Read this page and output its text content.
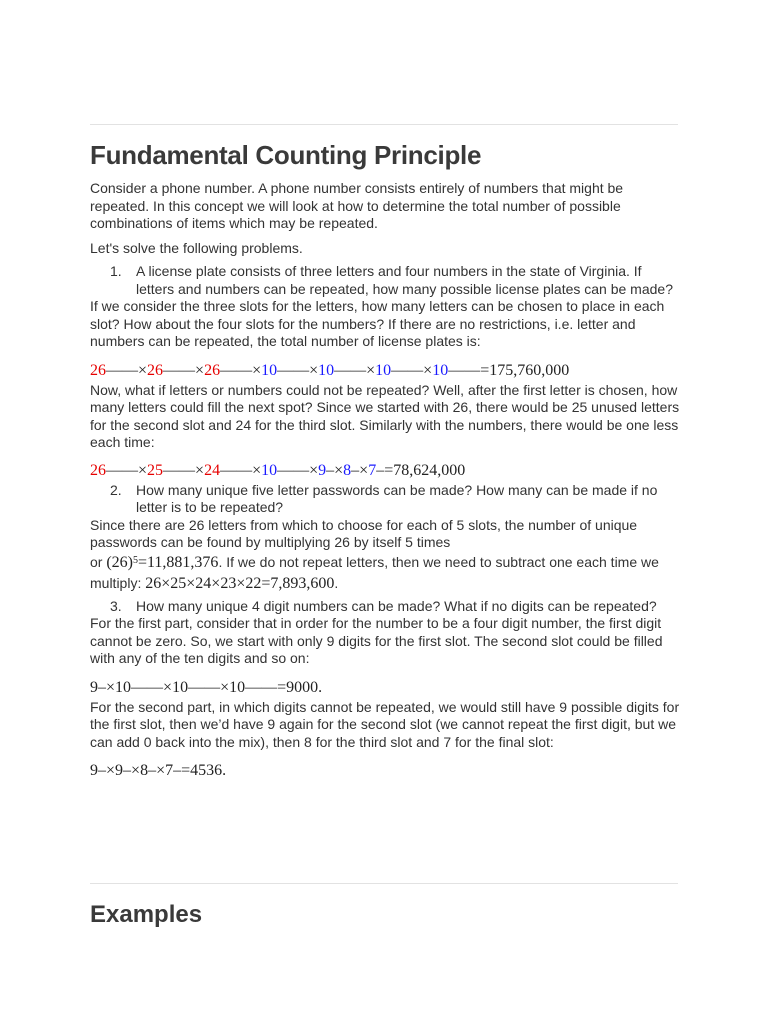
Fundamental Counting Principle

Consider a phone number. A phone number consists entirely of numbers that might be repeated. In this concept we will look at how to determine the total number of possible combinations of items which may be repeated.

Let's solve the following problems.

1. A license plate consists of three letters and four numbers in the state of Virginia. If letters and numbers can be repeated, how many possible license plates can be made?

If we consider the three slots for the letters, how many letters can be chosen to place in each slot? How about the four slots for the numbers? If there are no restrictions, i.e. letter and numbers can be repeated, the total number of license plates is:

26——×26——×26——×10——×10——×10——×10——=175,760,000

Now, what if letters or numbers could not be repeated? Well, after the first letter is chosen, how many letters could fill the next spot? Since we started with 26, there would be 25 unused letters for the second slot and 24 for the third slot. Similarly with the numbers, there would be one less each time:

26——×25——×24——×10——×9–×8–×7–=78,624,000
2. How many unique five letter passwords can be made? How many can be made if no letter is to be repeated?

Since there are 26 letters from which to choose for each of 5 slots, the number of unique passwords can be found by multiplying 26 by itself 5 times

or $(26)^5=11,881,376$. If we do not repeat letters, then we need to subtract one each time we multiply: 26×25×24×23×22=7,893,600.

3. How many unique 4 digit numbers can be made? What if no digits can be repeated?

For the first part, consider that in order for the number to be a four digit number, the first digit cannot be zero. So, we start with only 9 digits for the first slot. The second slot could be filled with any of the ten digits and so on:

9–×10——×10——×10——=9000.

For the second part, in which digits cannot be repeated, we would still have 9 possible digits for the first slot, then we’d have 9 again for the second slot (we cannot repeat the first digit, but we can add 0 back into the mix), then 8 for the third slot and 7 for the final slot:

9–×9–×8–×7–=4536.
Examples
